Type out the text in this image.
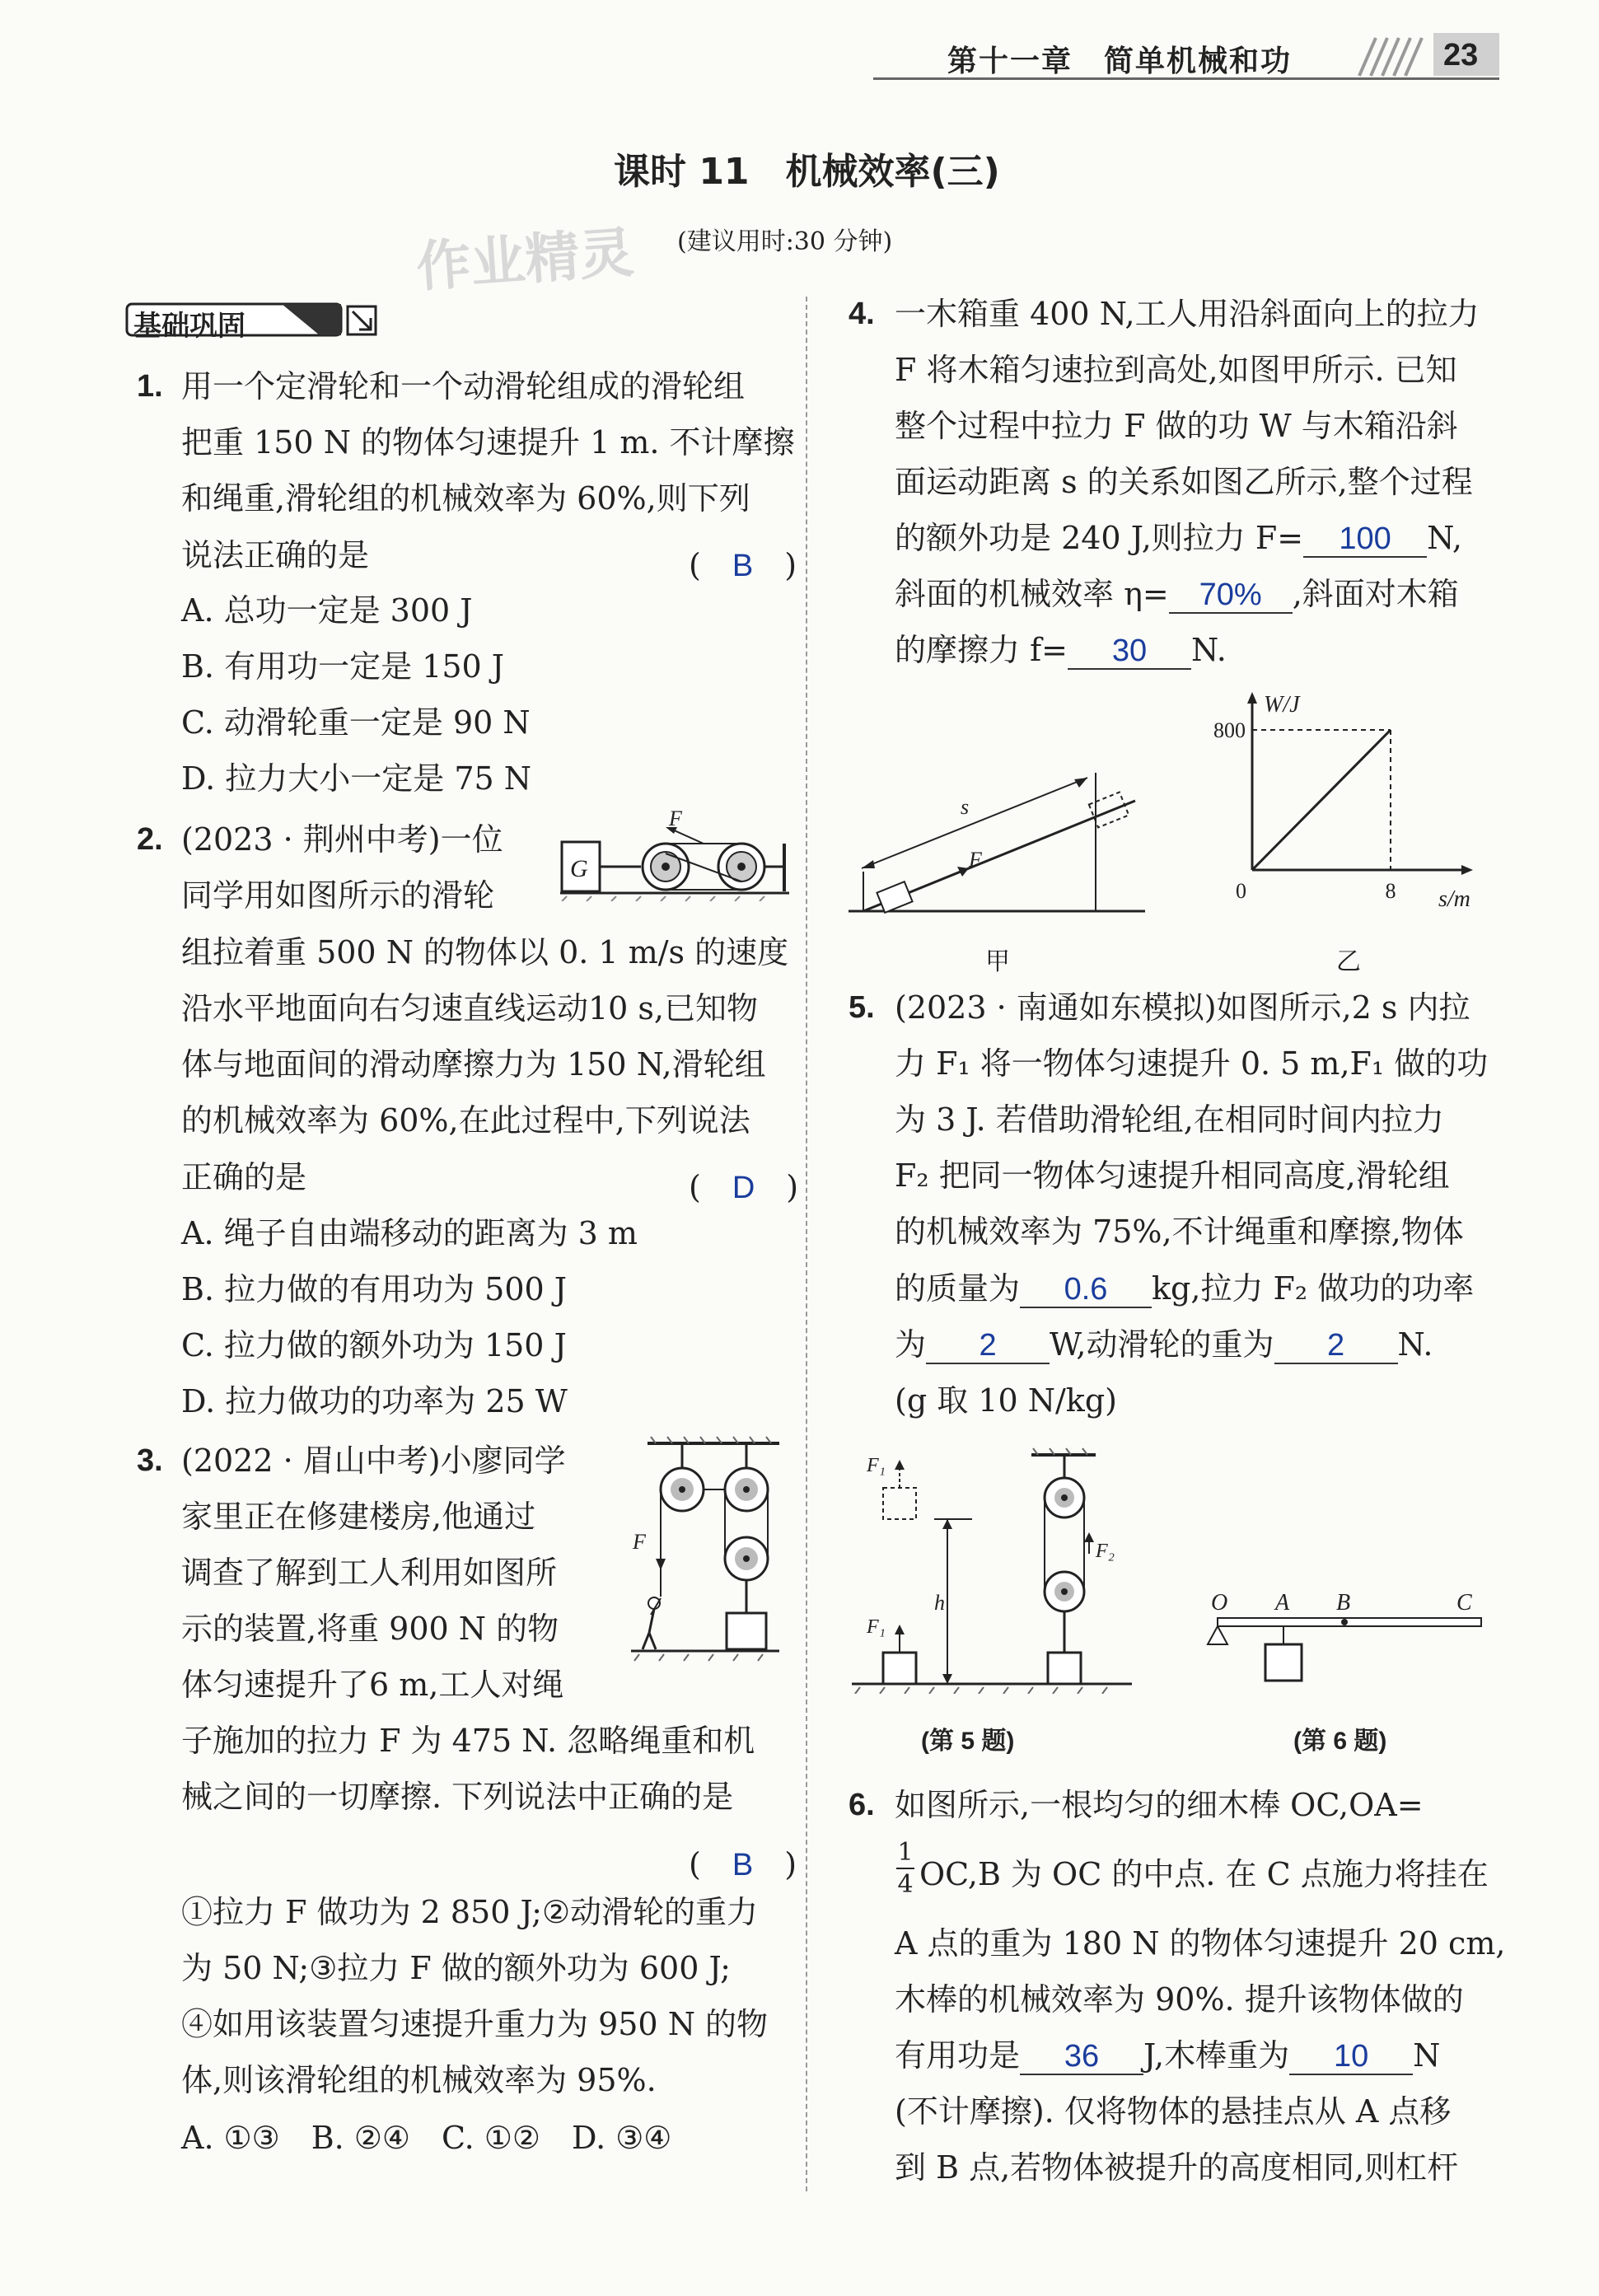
第十一章　简单机械和功	23
课时 11　机械效率(三)
作业精灵 (建议用时:30 分钟)
基础巩固
1. 用一个定滑轮和一个动滑轮组成的滑轮组
把重 150 N 的物体匀速提升 1 m. 不计摩擦
和绳重,滑轮组的机械效率为 60%,则下列
说法正确的是	(　B　)
A. 总功一定是 300 J
B. 有用功一定是 150 J
C. 动滑轮重一定是 90 N
D. 拉力大小一定是 75 N
2. (2023 · 荆州中考)一位
G
F
同学用如图所示的滑轮
组拉着重 500 N 的物体以 0. 1 m/s 的速度
沿水平地面向右匀速直线运动10 s,已知物
体与地面间的滑动摩擦力为 150 N,滑轮组
的机械效率为 60%,在此过程中,下列说法
正确的是	(　D　)
A. 绳子自由端移动的距离为 3 m
B. 拉力做的有用功为 500 J
C. 拉力做的额外功为 150 J
D. 拉力做功的功率为 25 W
3. (2022 · 眉山中考)小廖同学
F
家里正在修建楼房,他通过
调查了解到工人利用如图所
示的装置,将重 900 N 的物
体匀速提升了6 m,工人对绳
子施加的拉力 F 为 475 N. 忽略绳重和机
械之间的一切摩擦. 下列说法中正确的是
(　B　)
①拉力 F 做功为 2 850 J;②动滑轮的重力
为 50 N;③拉力 F 做的额外功为 600 J;
④如用该装置匀速提升重力为 950 N 的物
体,则该滑轮组的机械效率为 95%.
A. ①③　B. ②④　C. ①②　D. ③④
4. 一木箱重 400 N,工人用沿斜面向上的拉力
F 将木箱匀速拉到高处,如图甲所示. 已知
整个过程中拉力 F 做的功 W 与木箱沿斜
面运动距离 s 的关系如图乙所示,整个过程
的额外功是 240 J,则拉力 F= 100 N,
斜面的机械效率 η= 70% ,斜面对木箱
的摩擦力 f= 30 N.
s
F
甲
W/J
s/m
0
800
8
乙
5. (2023 · 南通如东模拟)如图所示,2 s 内拉
力 F₁ 将一物体匀速提升 0. 5 m,F₁ 做的功
为 3 J. 若借助滑轮组,在相同时间内拉力
F₂ 把同一物体匀速提升相同高度,滑轮组
的机械效率为 75%,不计绳重和摩擦,物体
的质量为 0.6 kg,拉力 F₂ 做功的功率
为 2 W,动滑轮的重为 2 N.
(g 取 10 N/kg)
F₁
F₁
h
F₂
(第 5 题)
O A B	C
(第 6 题)
6. 如图所示,一根均匀的细木棒 OC,OA=
1
4 OC,B 为 OC 的中点. 在 C 点施力将挂在
A 点的重为 180 N 的物体匀速提升 20 cm,
木棒的机械效率为 90%. 提升该物体做的
有用功是 36 J,木棒重为 10 N
(不计摩擦). 仅将物体的悬挂点从 A 点移
到 B 点,若物体被提升的高度相同,则杠杆
